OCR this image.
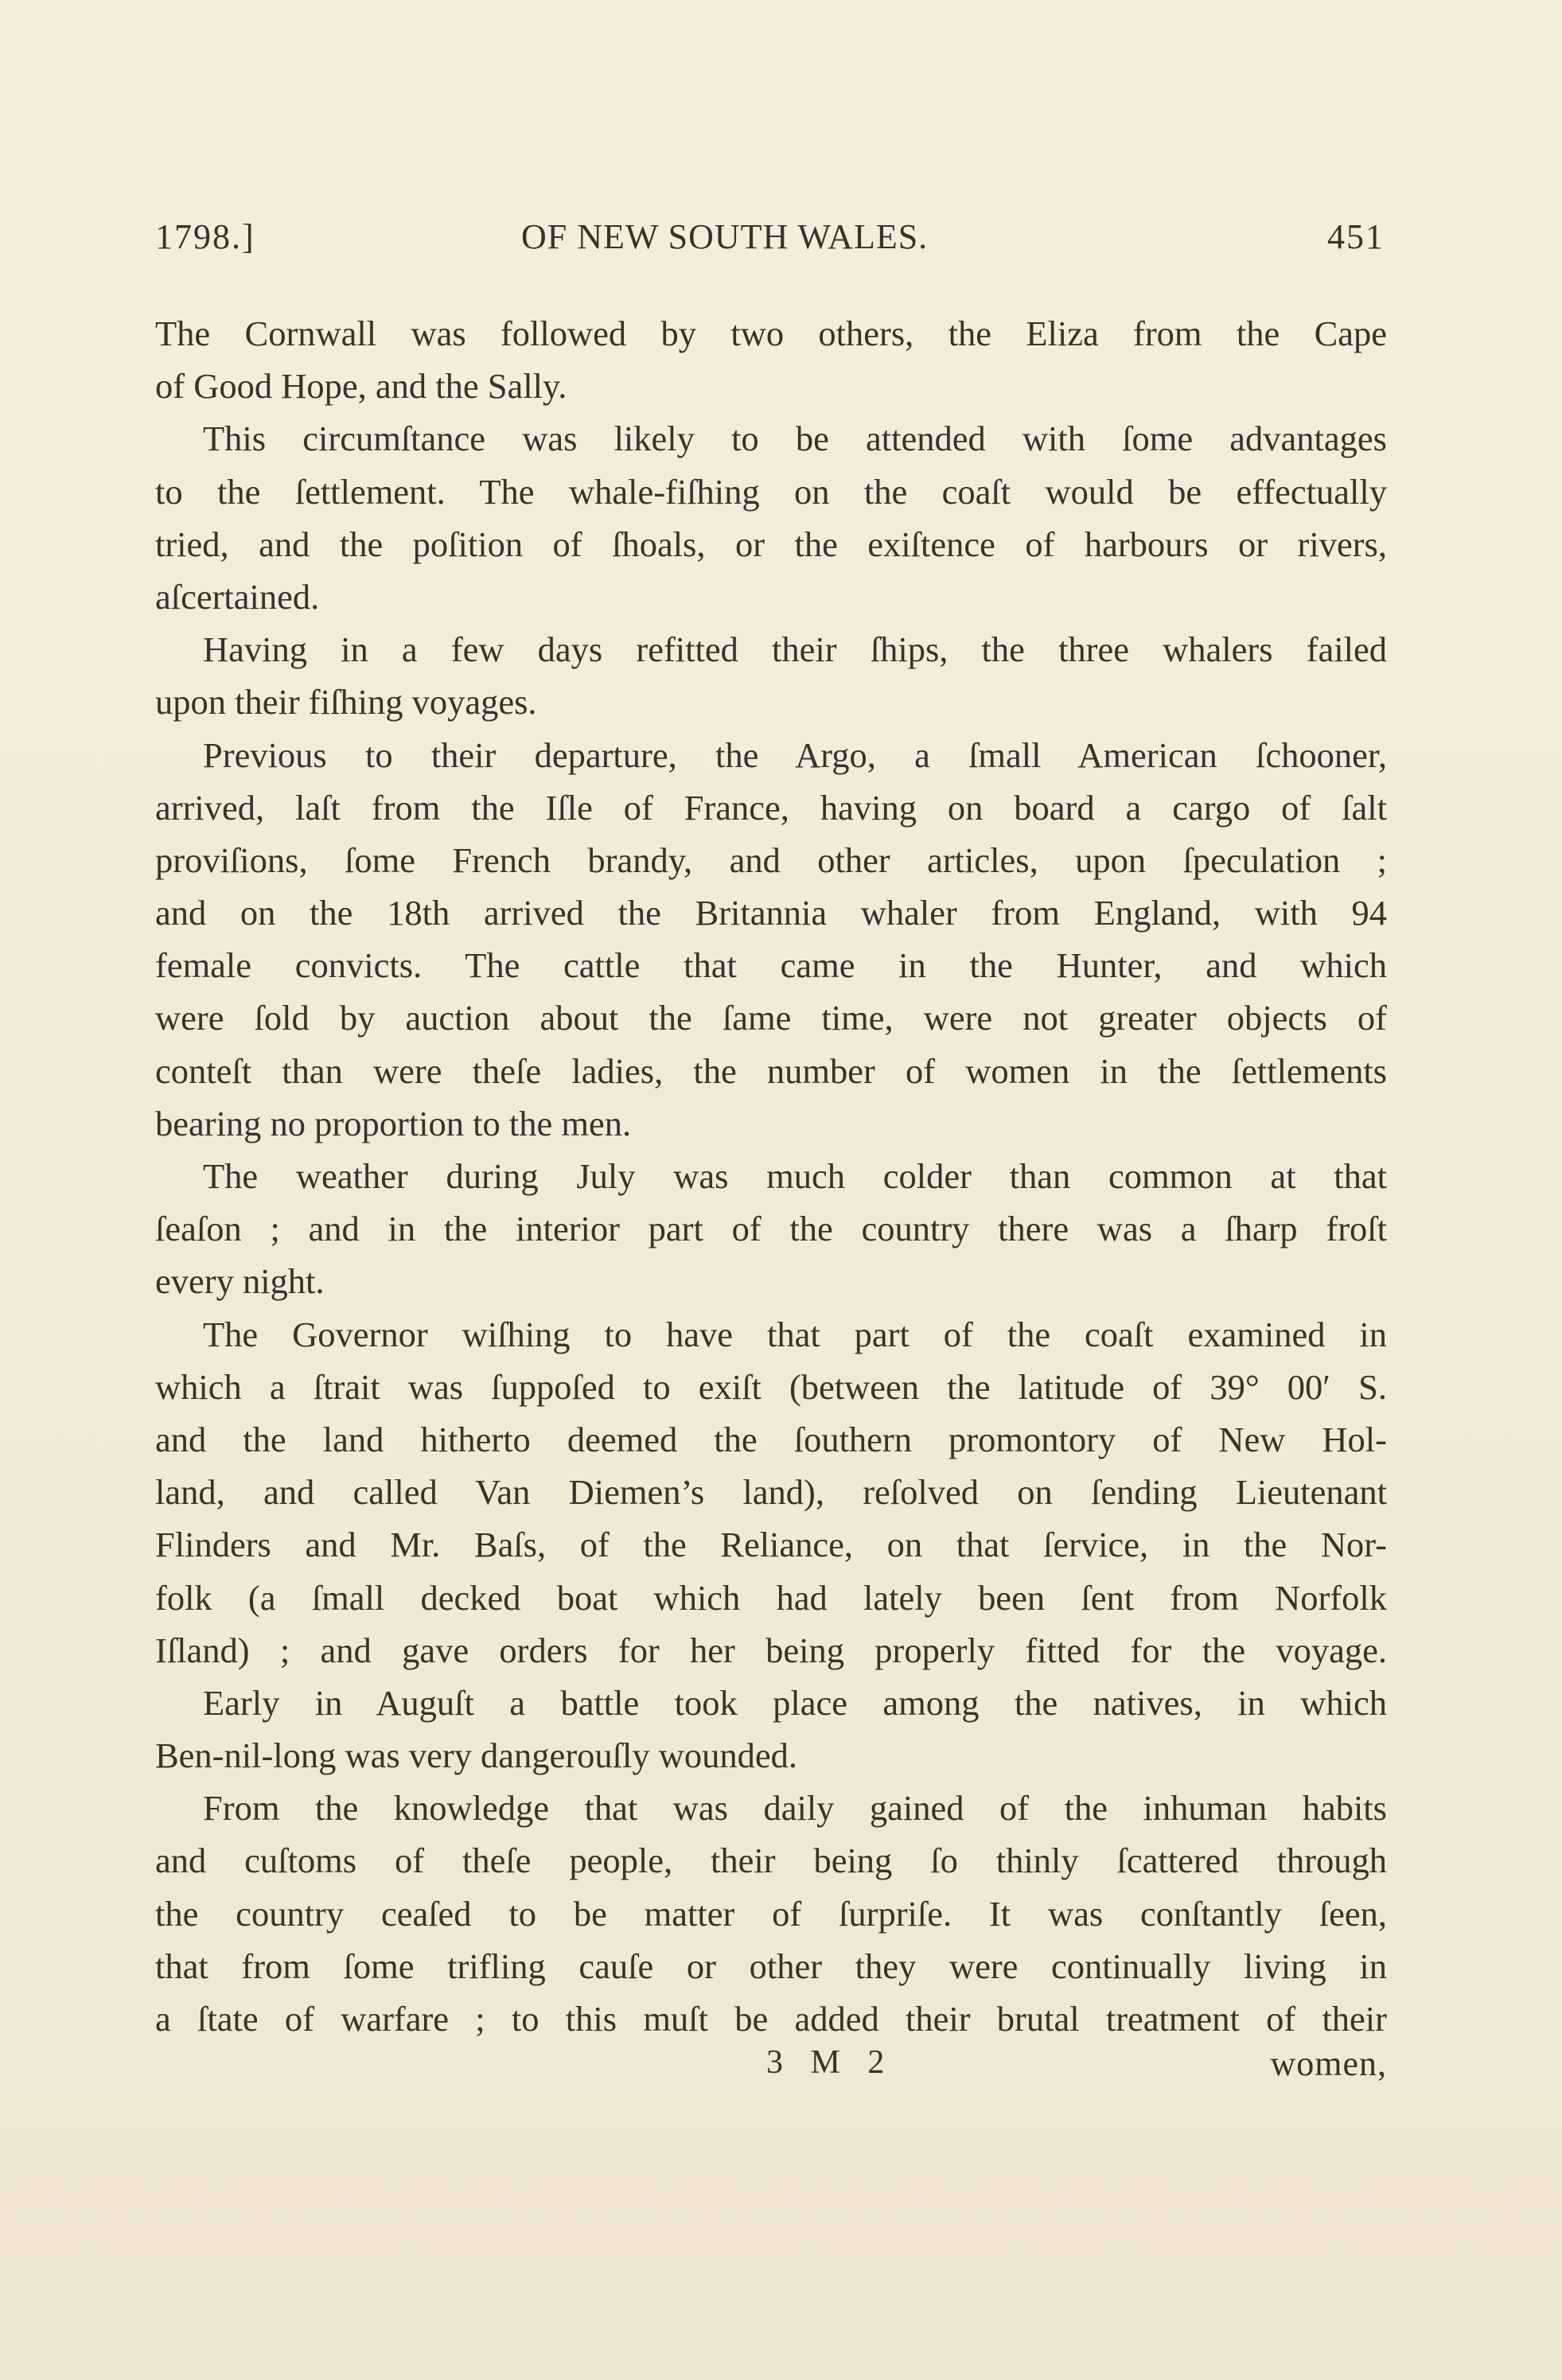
1798.]	OF NEW SOUTH WALES.	451
The Cornwall was followed by two others, the Eliza from the Cape
of Good Hope, and the Sally.
This circumſtance was likely to be attended with ſome advantages
to the ſettlement. The whale-fiſhing on the coaſt would be effectually
tried, and the poſition of ſhoals, or the exiſtence of harbours or rivers,
aſcertained.
Having in a few days refitted their ſhips, the three whalers failed
upon their fiſhing voyages.
Previous to their departure, the Argo, a ſmall American ſchooner,
arrived, laſt from the Iſle of France, having on board a cargo of ſalt
proviſions, ſome French brandy, and other articles, upon ſpeculation ;
and on the 18th arrived the Britannia whaler from England, with 94
female convicts. The cattle that came in the Hunter, and which
were ſold by auction about the ſame time, were not greater objects of
conteſt than were theſe ladies, the number of women in the ſettlements
bearing no proportion to the men.
The weather during July was much colder than common at that
ſeaſon ; and in the interior part of the country there was a ſharp froſt
every night.
The Governor wiſhing to have that part of the coaſt examined in
which a ſtrait was ſuppoſed to exiſt (between the latitude of 39° 00′ S.
and the land hitherto deemed the ſouthern promontory of New Hol-
land, and called Van Diemen’s land), reſolved on ſending Lieutenant
Flinders and Mr. Baſs, of the Reliance, on that ſervice, in the Nor-
folk (a ſmall decked boat which had lately been ſent from Norfolk
Iſland) ; and gave orders for her being properly fitted for the voyage.
Early in Auguſt a battle took place among the natives, in which
Ben-nil-long was very dangerouſly wounded.
From the knowledge that was daily gained of the inhuman habits
and cuſtoms of theſe people, their being ſo thinly ſcattered through
the country ceaſed to be matter of ſurpriſe. It was conſtantly ſeen,
that from ſome trifling cauſe or other they were continually living in
a ſtate of warfare ; to this muſt be added their brutal treatment of their
3 M 2	women,
